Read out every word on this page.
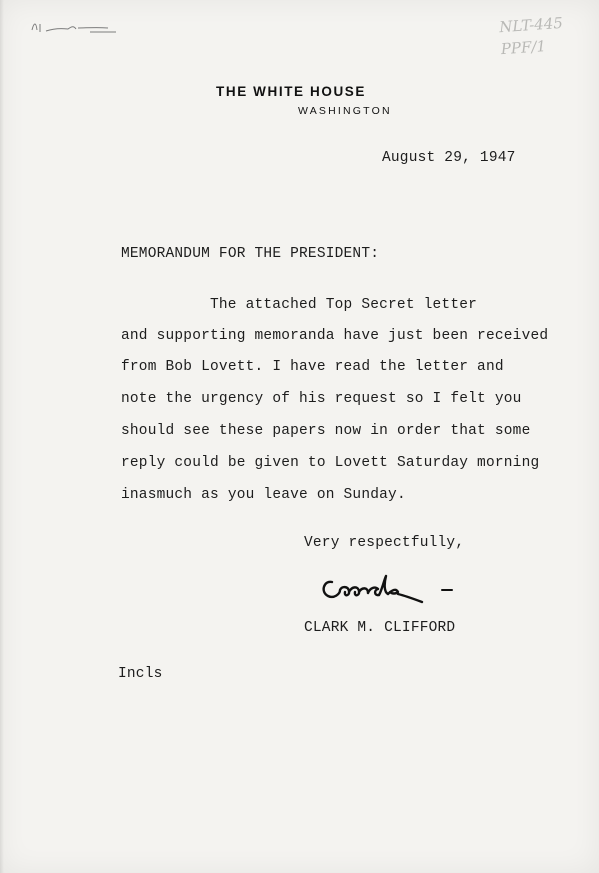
NLT-445
PPF/1
THE WHITE HOUSE
WASHINGTON
August 29, 1947
MEMORANDUM FOR THE PRESIDENT:
The attached Top Secret letter
and supporting memoranda have just been received
from Bob Lovett. I have read the letter and
note the urgency of his request so I felt you
should see these papers now in order that some
reply could be given to Lovett Saturday morning
inasmuch as you leave on Sunday.
Very respectfully,
CLARK M. CLIFFORD
Incls
